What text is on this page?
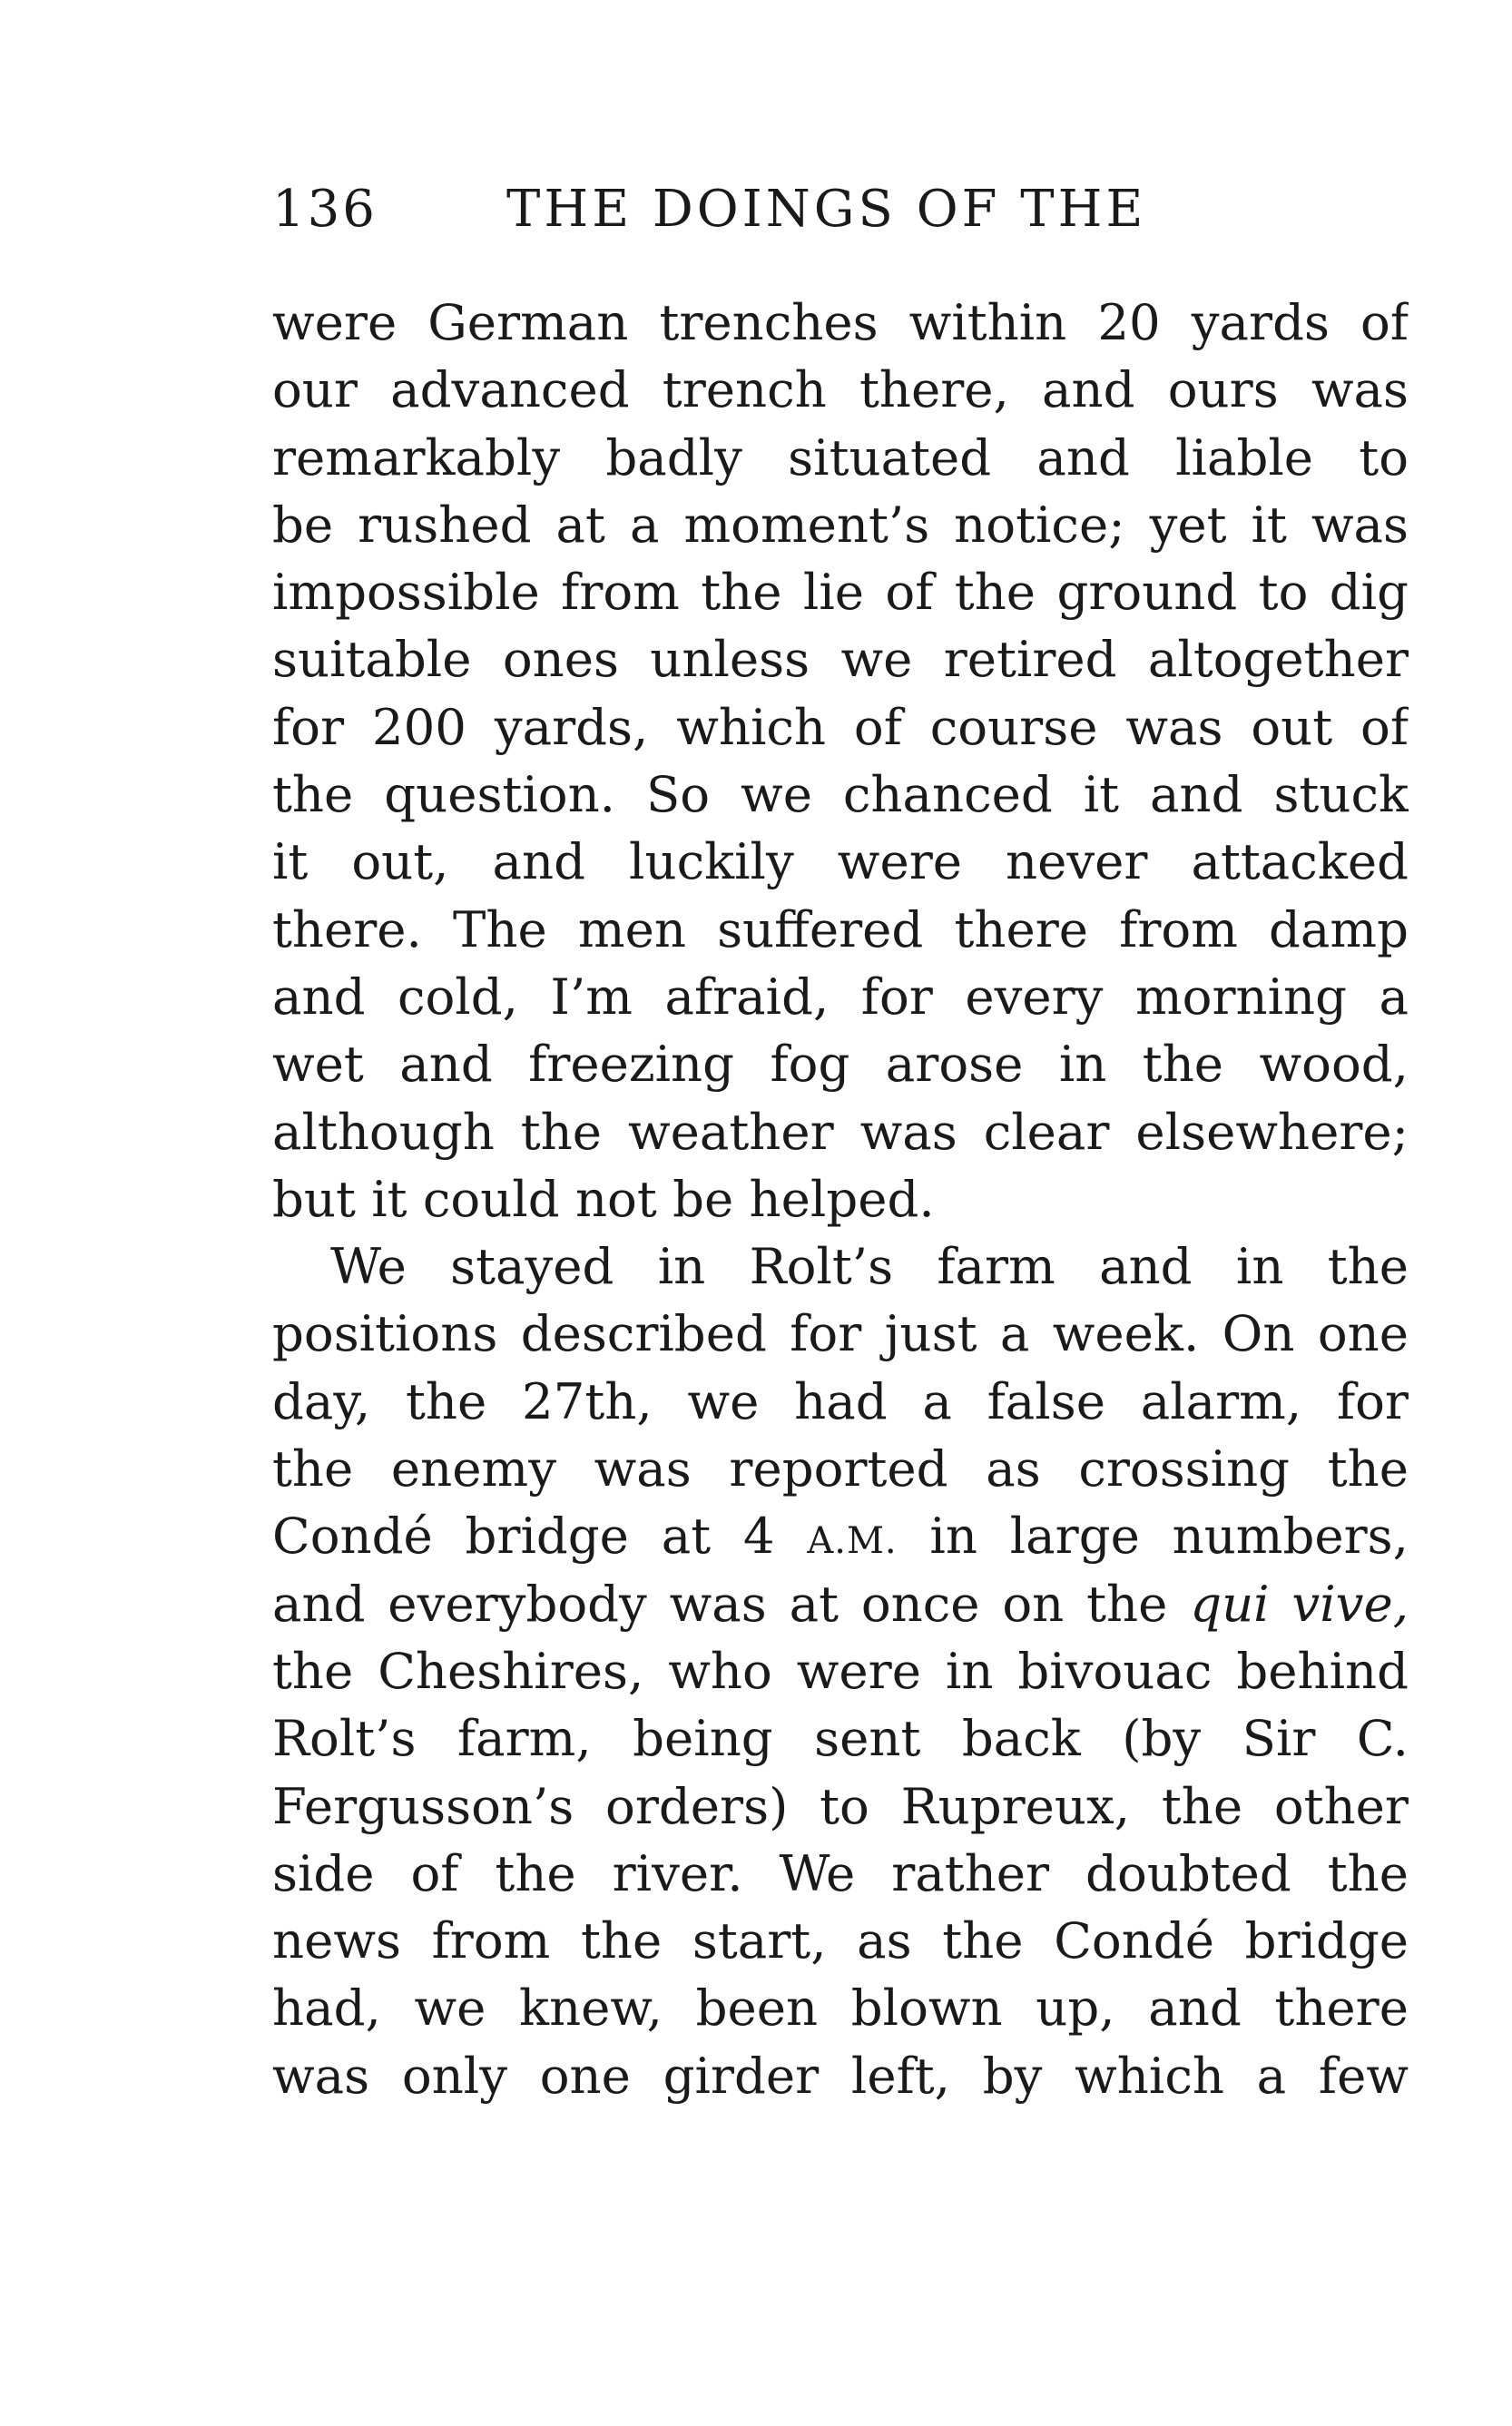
136	THE DOINGS OF THE
were German trenches within 20 yards of
our advanced trench there, and ours was
remarkably badly situated and liable to
be rushed at a moment’s notice; yet it was
impossible from the lie of the ground to dig
suitable ones unless we retired altogether
for 200 yards, which of course was out of
the question. So we chanced it and stuck
it out, and luckily were never attacked
there. The men suffered there from damp
and cold, I’m afraid, for every morning a
wet and freezing fog arose in the wood,
although the weather was clear elsewhere;
but it could not be helped.
We stayed in Rolt’s farm and in the
positions described for just a week. On one
day, the 27th, we had a false alarm, for
the enemy was reported as crossing the
Condé bridge at 4 A.M. in large numbers,
and everybody was at once on the qui vive,
the Cheshires, who were in bivouac behind
Rolt’s farm, being sent back (by Sir C.
Fergusson’s orders) to Rupreux, the other
side of the river. We rather doubted the
news from the start, as the Condé bridge
had, we knew, been blown up, and there
was only one girder left, by which a few
